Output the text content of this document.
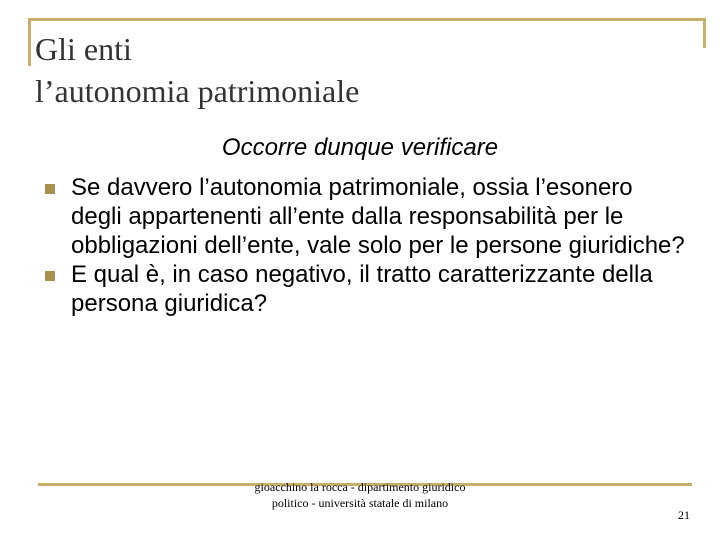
Gli enti
l’autonomia patrimoniale
Occorre dunque verificare
Se davvero l’autonomia patrimoniale, ossia l’esonero degli appartenenti all’ente dalla responsabilità per le obbligazioni dell’ente, vale solo per le persone giuridiche?
E qual è, in caso negativo, il tratto caratterizzante della persona giuridica?
gioacchino la rocca - dipartimento giuridico politico - università statale di milano
21
